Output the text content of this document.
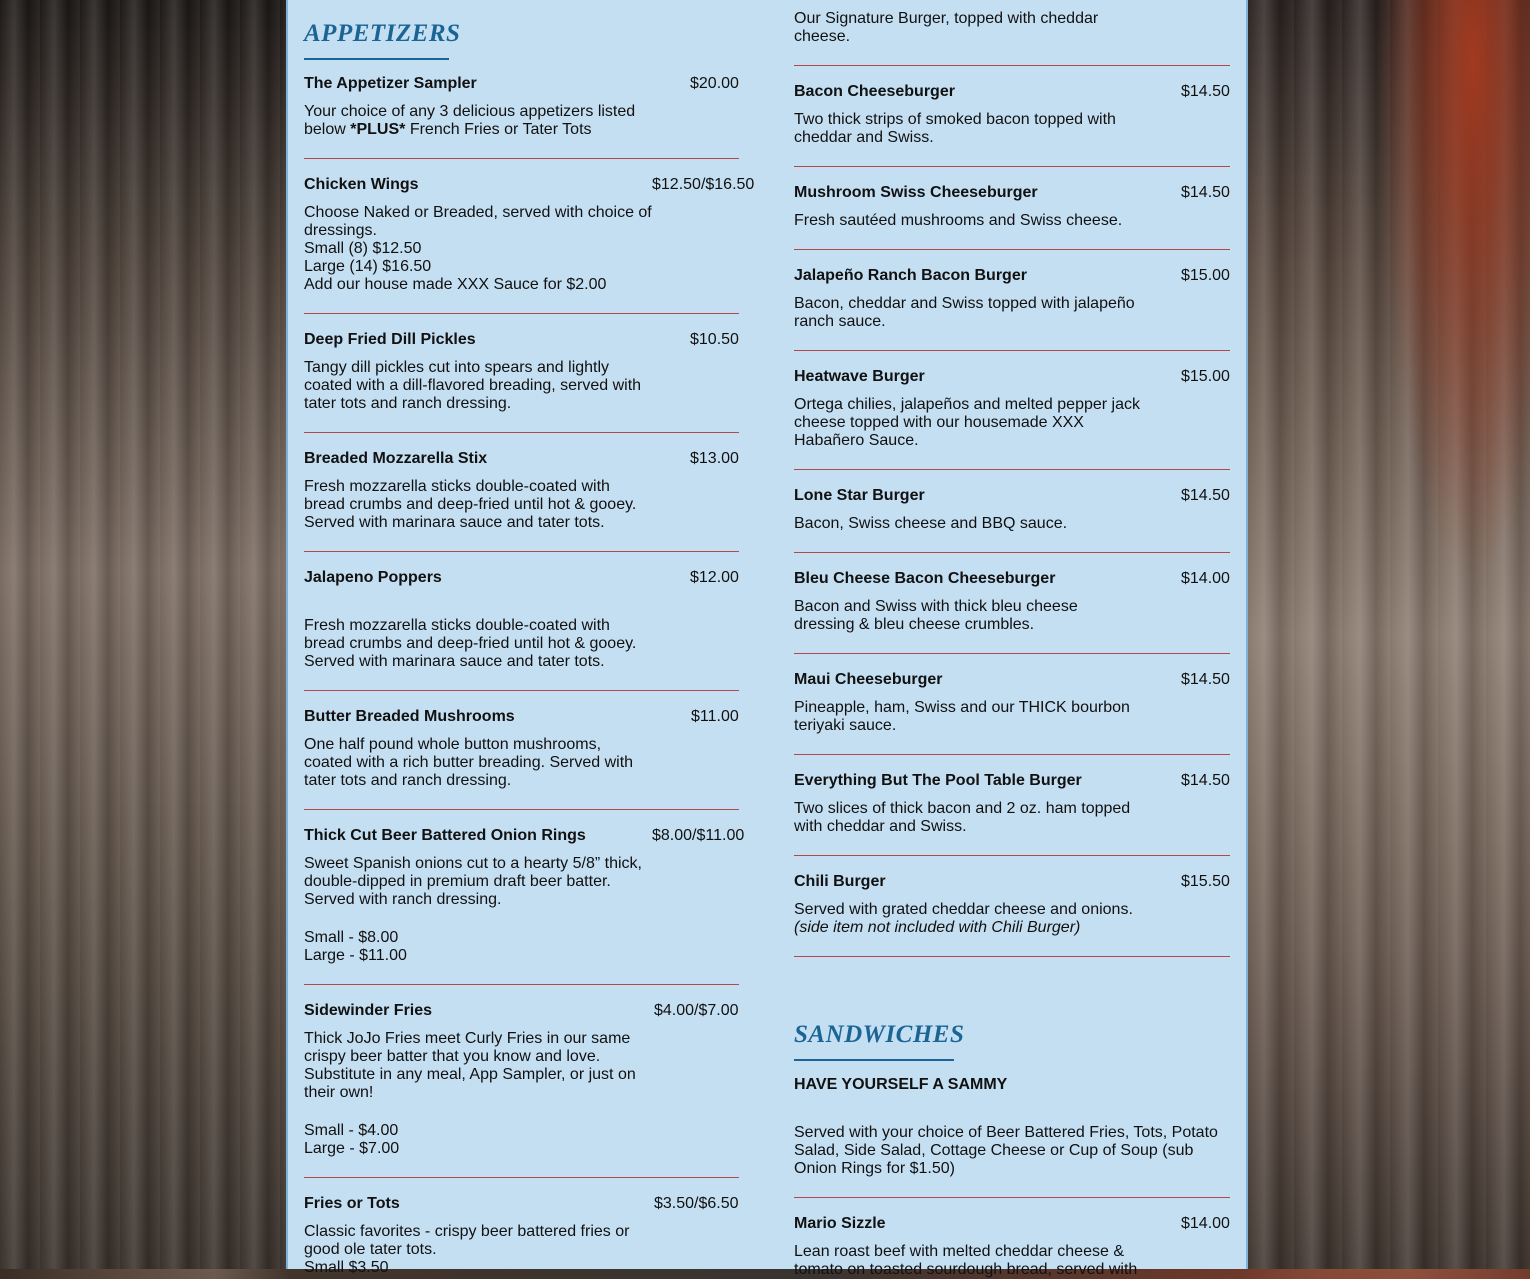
APPETIZERS
The Appetizer Sampler	$20.00
Your choice of any 3 delicious appetizers listed
below *PLUS* French Fries or Tater Tots
Chicken Wings	$12.50/$16.50
Choose Naked or Breaded, served with choice of
dressings.
Small (8) $12.50
Large (14) $16.50
Add our house made XXX Sauce for $2.00
Deep Fried Dill Pickles	$10.50
Tangy dill pickles cut into spears and lightly
coated with a dill-flavored breading, served with
tater tots and ranch dressing.
Breaded Mozzarella Stix	$13.00
Fresh mozzarella sticks double-coated with
bread crumbs and deep-fried until hot & gooey.
Served with marinara sauce and tater tots.
Jalapeno Poppers	$12.00
Fresh mozzarella sticks double-coated with
bread crumbs and deep-fried until hot & gooey.
Served with marinara sauce and tater tots.
Butter Breaded Mushrooms	$11.00
One half pound whole button mushrooms,
coated with a rich butter breading. Served with
tater tots and ranch dressing.
Thick Cut Beer Battered Onion Rings	$8.00/$11.00
Sweet Spanish onions cut to a hearty 5/8” thick,
double-dipped in premium draft beer batter.
Served with ranch dressing.
Small - $8.00
Large - $11.00
Sidewinder Fries	$4.00/$7.00
Thick JoJo Fries meet Curly Fries in our same
crispy beer batter that you know and love.
Substitute in any meal, App Sampler, or just on
their own!
Small - $4.00
Large - $7.00
Fries or Tots	$3.50/$6.50
Classic favorites - crispy beer battered fries or
good ole tater tots.
Small $3.50
Our Signature Burger, topped with cheddar
cheese.
Bacon Cheeseburger	$14.50
Two thick strips of smoked bacon topped with
cheddar and Swiss.
Mushroom Swiss Cheeseburger	$14.50
Fresh sautéed mushrooms and Swiss cheese.
Jalapeño Ranch Bacon Burger	$15.00
Bacon, cheddar and Swiss topped with jalapeño
ranch sauce.
Heatwave Burger	$15.00
Ortega chilies, jalapeños and melted pepper jack
cheese topped with our housemade XXX
Habañero Sauce.
Lone Star Burger	$14.50
Bacon, Swiss cheese and BBQ sauce.
Bleu Cheese Bacon Cheeseburger	$14.00
Bacon and Swiss with thick bleu cheese
dressing & bleu cheese crumbles.
Maui Cheeseburger	$14.50
Pineapple, ham, Swiss and our THICK bourbon
teriyaki sauce.
Everything But The Pool Table Burger	$14.50
Two slices of thick bacon and 2 oz. ham topped
with cheddar and Swiss.
Chili Burger	$15.50
Served with grated cheddar cheese and onions.
(side item not included with Chili Burger)
SANDWICHES
HAVE YOURSELF A SAMMY
Served with your choice of Beer Battered Fries, Tots, Potato
Salad, Side Salad, Cottage Cheese or Cup of Soup (sub
Onion Rings for $1.50)
Mario Sizzle	$14.00
Lean roast beef with melted cheddar cheese &
tomato on toasted sourdough bread, served with
